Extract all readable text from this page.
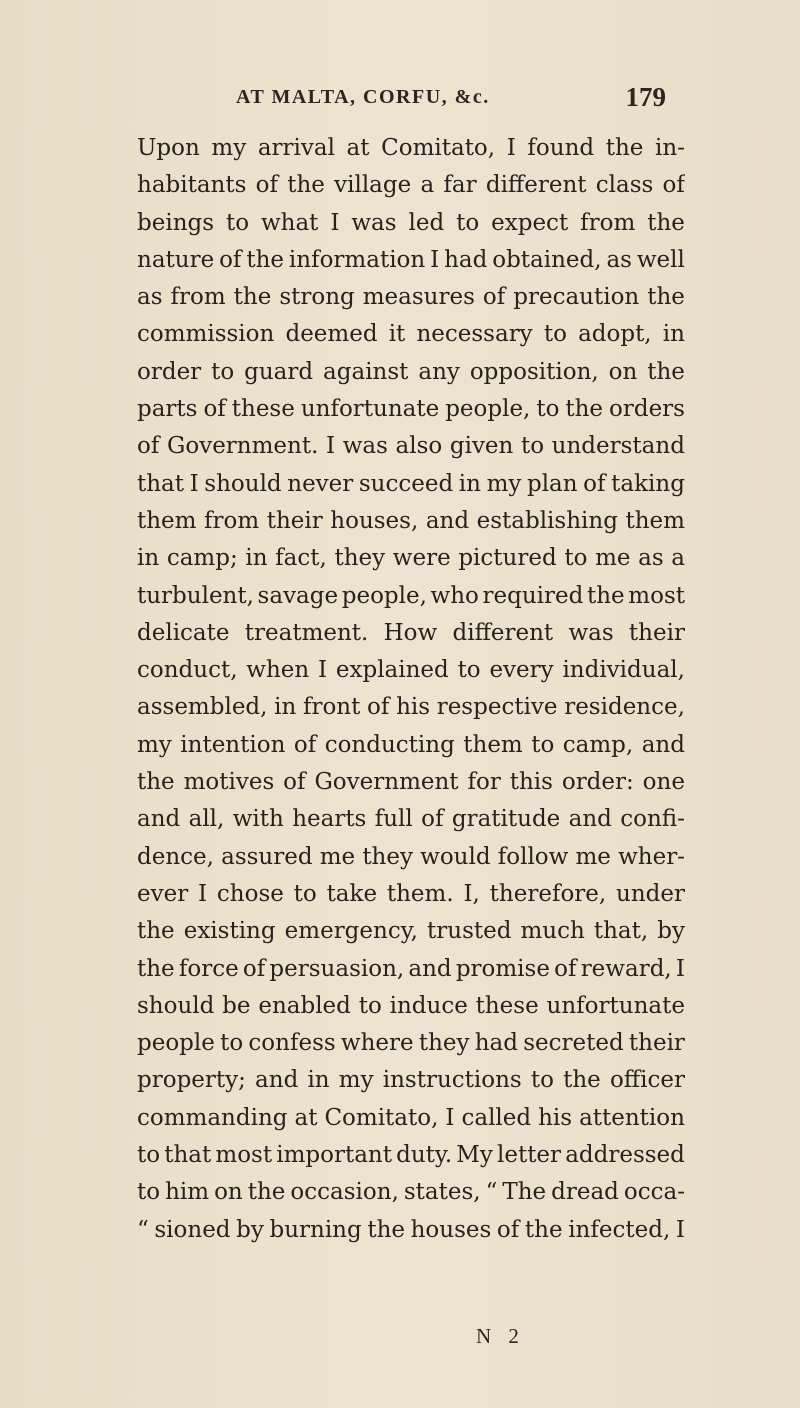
AT MALTA, CORFU, &c.	179
Upon my arrival at Comitato, I found the in-
habitants of the village a far different class of
beings to what I was led to expect from the
nature of the information I had obtained, as well
as from the strong measures of precaution the
commission deemed it necessary to adopt, in
order to guard against any opposition, on the
parts of these unfortunate people, to the orders
of Government. I was also given to understand
that I should never succeed in my plan of taking
them from their houses, and establishing them
in camp; in fact, they were pictured to me as a
turbulent, savage people, who required the most
delicate treatment. How different was their
conduct, when I explained to every individual,
assembled, in front of his respective residence,
my intention of conducting them to camp, and
the motives of Government for this order: one
and all, with hearts full of gratitude and confi-
dence, assured me they would follow me wher-
ever I chose to take them. I, therefore, under
the existing emergency, trusted much that, by
the force of persuasion, and promise of reward, I
should be enabled to induce these unfortunate
people to confess where they had secreted their
property; and in my instructions to the officer
commanding at Comitato, I called his attention
to that most important duty. My letter addressed
to him on the occasion, states, “ The dread occa-
“ sioned by burning the houses of the infected, I
N 2
